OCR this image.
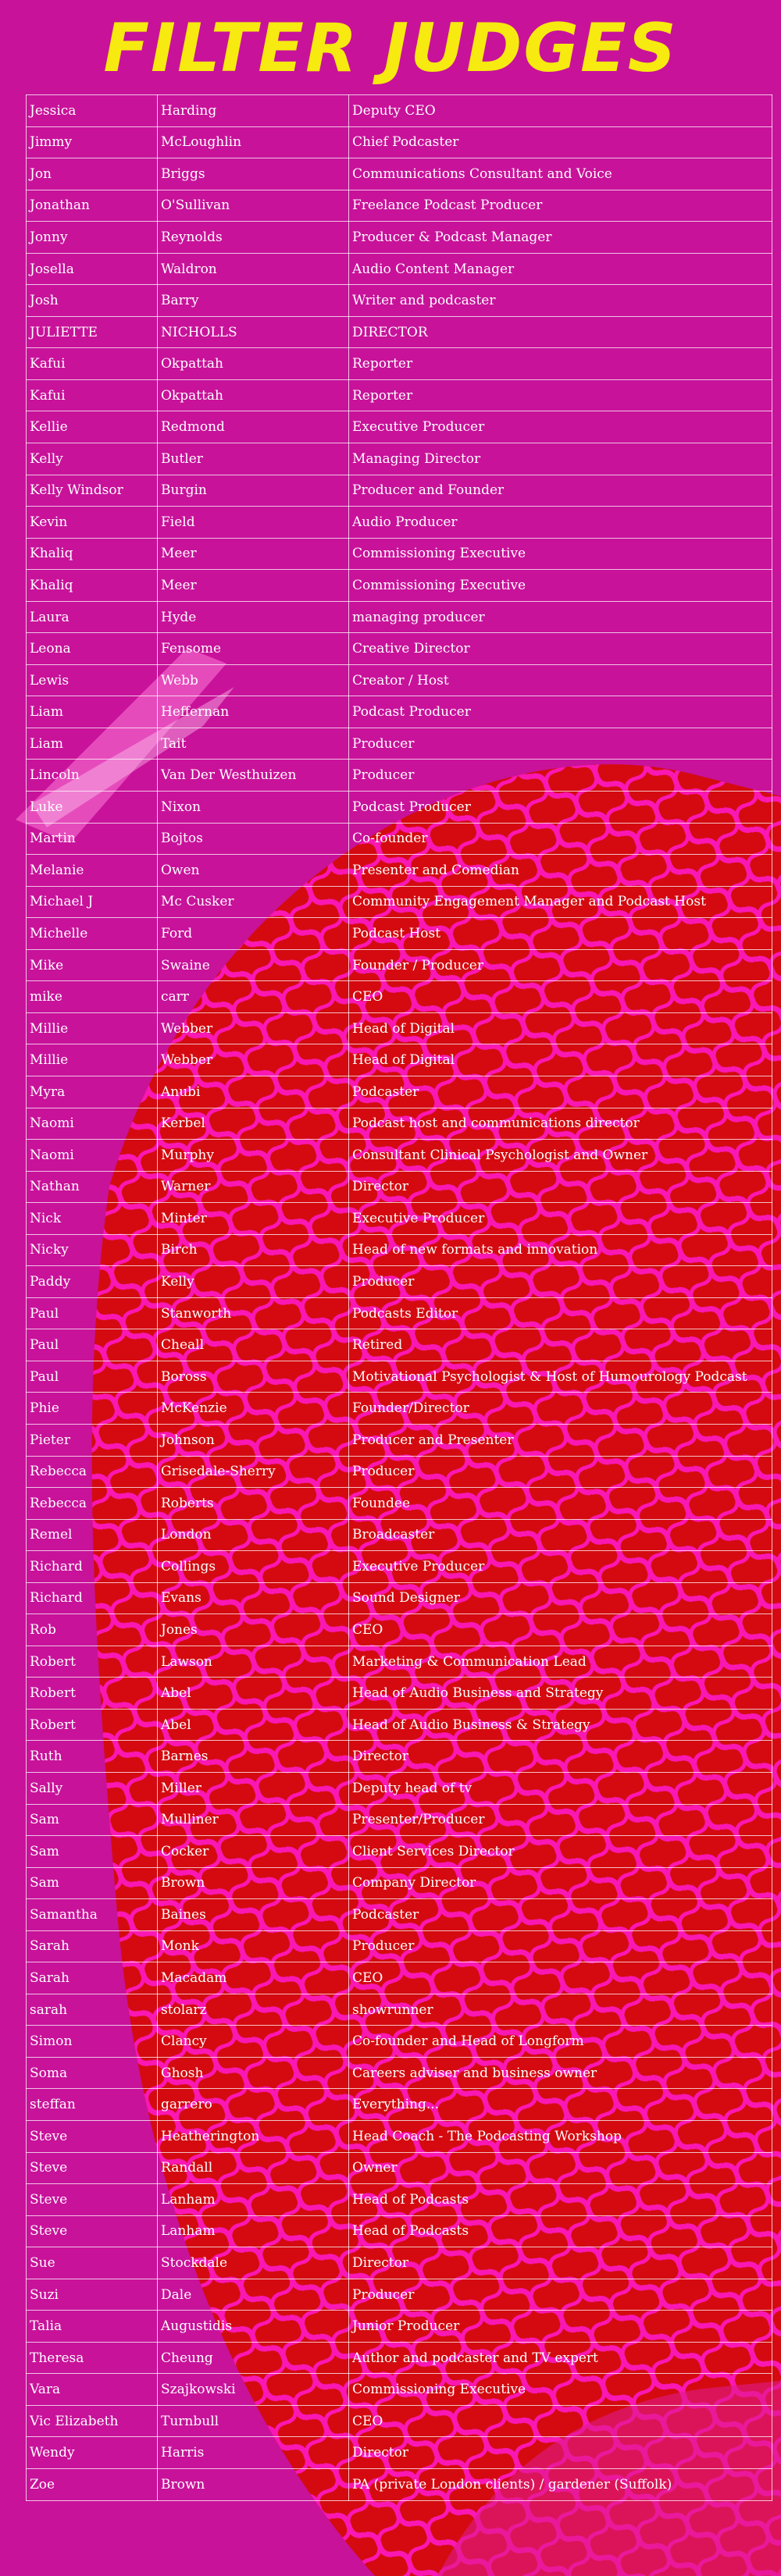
FILTER JUDGES
Jessica	Harding	Deputy CEO
Jimmy	McLoughlin	Chief Podcaster
Jon	Briggs	Communications Consultant and Voice
Jonathan	O'Sullivan	Freelance Podcast Producer
Jonny	Reynolds	Producer & Podcast Manager
Josella	Waldron	Audio Content Manager
Josh	Barry	Writer and podcaster
JULIETTE	NICHOLLS	DIRECTOR
Kafui	Okpattah	Reporter
Kafui	Okpattah	Reporter
Kellie	Redmond	Executive Producer
Kelly	Butler	Managing Director
Kelly Windsor	Burgin	Producer and Founder
Kevin	Field	Audio Producer
Khaliq	Meer	Commissioning Executive
Khaliq	Meer	Commissioning Executive
Laura	Hyde	managing producer
Leona	Fensome	Creative Director
Lewis	Webb	Creator / Host
Liam	Heffernan	Podcast Producer
Liam	Tait	Producer
Lincoln	Van Der Westhuizen	Producer
Luke	Nixon	Podcast Producer
Martin	Bojtos	Co-founder
Melanie	Owen	Presenter and Comedian
Michael J	Mc Cusker	Community Engagement Manager and Podcast Host
Michelle	Ford	Podcast Host
Mike	Swaine	Founder / Producer
mike	carr	CEO
Millie	Webber	Head of Digital
Millie	Webber	Head of Digital
Myra	Anubi	Podcaster
Naomi	Kerbel	Podcast host and communications director
Naomi	Murphy	Consultant Clinical Psychologist and Owner
Nathan	Warner	Director
Nick	Minter	Executive Producer
Nicky	Birch	Head of new formats and innovation
Paddy	Kelly	Producer
Paul	Stanworth	Podcasts Editor
Paul	Cheall	Retired
Paul	Boross	Motivational Psychologist & Host of Humourology Podcast
Phie	McKenzie	Founder/Director
Pieter	Johnson	Producer and Presenter
Rebecca	Grisedale-Sherry	Producer
Rebecca	Roberts	Foundee
Remel	London	Broadcaster
Richard	Collings	Executive Producer
Richard	Evans	Sound Designer
Rob	Jones	CEO
Robert	Lawson	Marketing & Communication Lead
Robert	Abel	Head of Audio Business and Strategy
Robert	Abel	Head of Audio Business & Strategy
Ruth	Barnes	Director
Sally	Miller	Deputy head of tv
Sam	Mulliner	Presenter/Producer
Sam	Cocker	Client Services Director
Sam	Brown	Company Director
Samantha	Baines	Podcaster
Sarah	Monk	Producer
Sarah	Macadam	CEO
sarah	stolarz	showrunner
Simon	Clancy	Co-founder and Head of Longform
Soma	Ghosh	Careers adviser and business owner
steffan	garrero	Everything...
Steve	Heatherington	Head Coach - The Podcasting Workshop
Steve	Randall	Owner
Steve	Lanham	Head of Podcasts
Steve	Lanham	Head of Podcasts
Sue	Stockdale	Director
Suzi	Dale	Producer
Talia	Augustidis	Junior Producer
Theresa	Cheung	Author and podcaster and TV expert
Vara	Szajkowski	Commissioning Executive
Vic Elizabeth	Turnbull	CEO
Wendy	Harris	Director
Zoe	Brown	PA (private London clients) / gardener (Suffolk)
